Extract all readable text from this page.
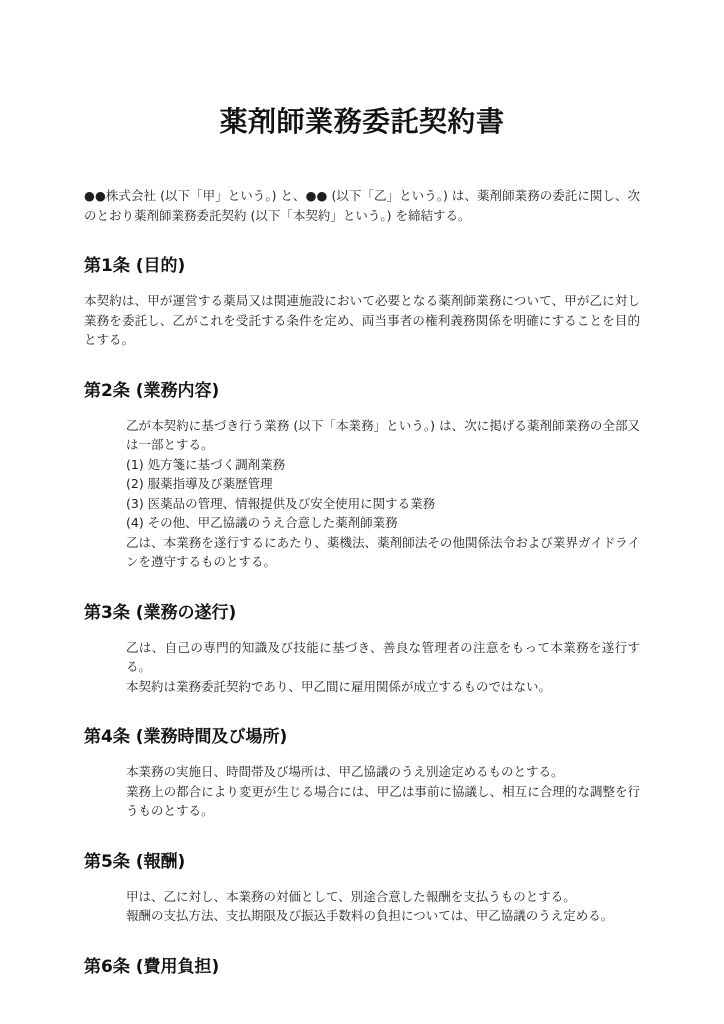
薬剤師業務委託契約書

●●株式会社 (以下「甲」という。) と、●● (以下「乙」という。) は、薬剤師業務の委託に関し、次のとおり薬剤師業務委託契約 (以下「本契約」という。) を締結する。

第1条 (目的)

本契約は、甲が運営する薬局又は関連施設において必要となる薬剤師業務について、甲が乙に対し業務を委託し、乙がこれを受託する条件を定め、両当事者の権利義務関係を明確にすることを目的とする。

第2条 (業務内容)

乙が本契約に基づき行う業務 (以下「本業務」という。) は、次に掲げる薬剤師業務の全部又は一部とする。

(1) 処方箋に基づく調剤業務

(2) 服薬指導及び薬歴管理

(3) 医薬品の管理、情報提供及び安全使用に関する業務

(4) その他、甲乙協議のうえ合意した薬剤師業務

乙は、本業務を遂行するにあたり、薬機法、薬剤師法その他関係法令および業界ガイドラインを遵守するものとする。

第3条 (業務の遂行)

乙は、自己の専門的知識及び技能に基づき、善良な管理者の注意をもって本業務を遂行する。

本契約は業務委託契約であり、甲乙間に雇用関係が成立するものではない。

第4条 (業務時間及び場所)

本業務の実施日、時間帯及び場所は、甲乙協議のうえ別途定めるものとする。

業務上の都合により変更が生じる場合には、甲乙は事前に協議し、相互に合理的な調整を行うものとする。

第5条 (報酬)

甲は、乙に対し、本業務の対価として、別途合意した報酬を支払うものとする。

報酬の支払方法、支払期限及び振込手数料の負担については、甲乙協議のうえ定める。

第6条 (費用負担)
